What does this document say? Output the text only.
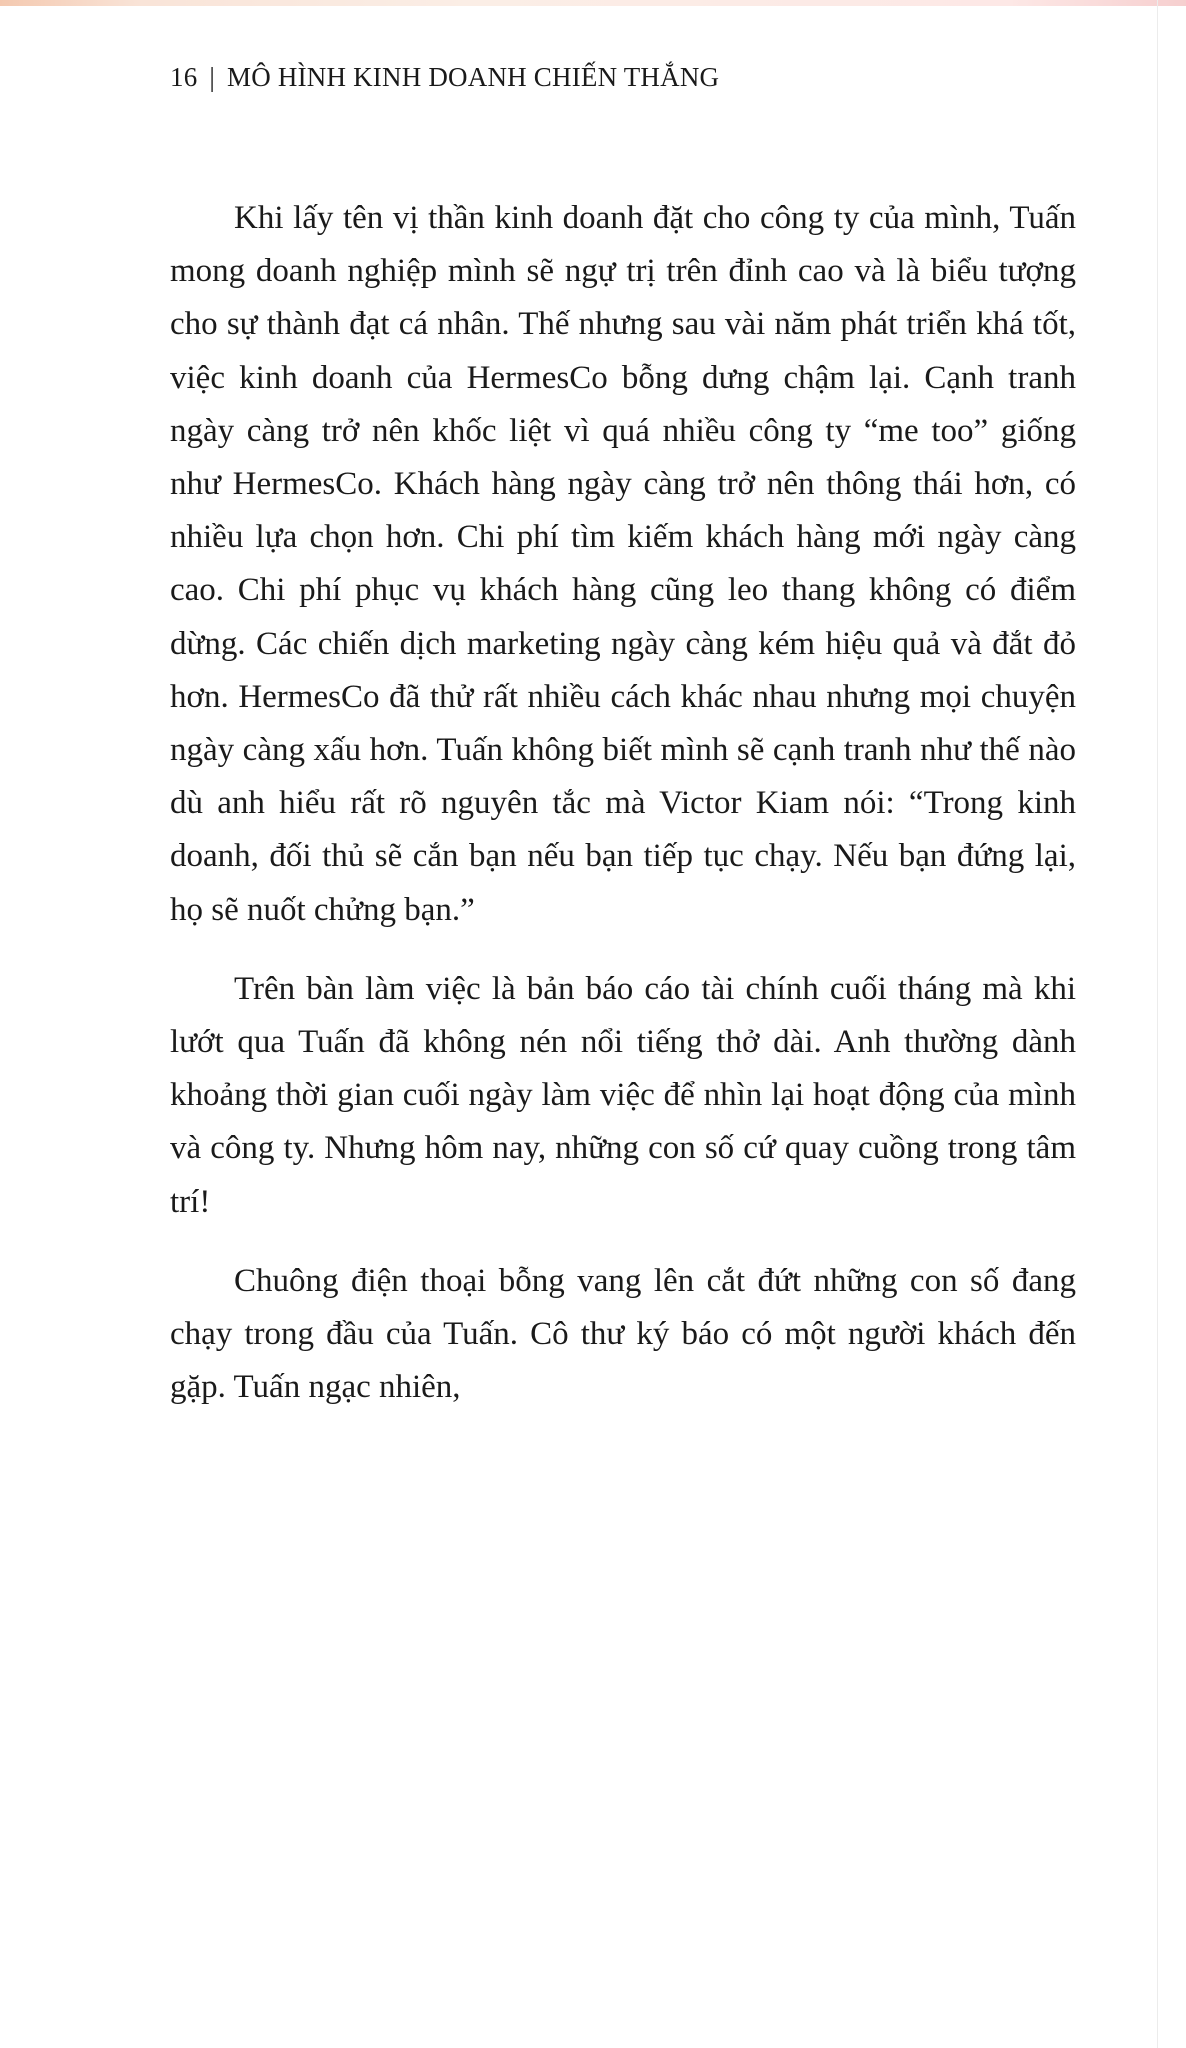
16 | MÔ HÌNH KINH DOANH CHIẾN THẮNG

Khi lấy tên vị thần kinh doanh đặt cho công ty của mình, Tuấn mong doanh nghiệp mình sẽ ngự trị trên đỉnh cao và là biểu tượng cho sự thành đạt cá nhân. Thế nhưng sau vài năm phát triển khá tốt, việc kinh doanh của HermesCo bỗng dưng chậm lại. Cạnh tranh ngày càng trở nên khốc liệt vì quá nhiều công ty “me too” giống như HermesCo. Khách hàng ngày càng trở nên thông thái hơn, có nhiều lựa chọn hơn. Chi phí tìm kiếm khách hàng mới ngày càng cao. Chi phí phục vụ khách hàng cũng leo thang không có điểm dừng. Các chiến dịch marketing ngày càng kém hiệu quả và đắt đỏ hơn. HermesCo đã thử rất nhiều cách khác nhau nhưng mọi chuyện ngày càng xấu hơn. Tuấn không biết mình sẽ cạnh tranh như thế nào dù anh hiểu rất rõ nguyên tắc mà Victor Kiam nói: “Trong kinh doanh, đối thủ sẽ cắn bạn nếu bạn tiếp tục chạy. Nếu bạn đứng lại, họ sẽ nuốt chửng bạn.”

Trên bàn làm việc là bản báo cáo tài chính cuối tháng mà khi lướt qua Tuấn đã không nén nổi tiếng thở dài. Anh thường dành khoảng thời gian cuối ngày làm việc để nhìn lại hoạt động của mình và công ty. Nhưng hôm nay, những con số cứ quay cuồng trong tâm trí!

Chuông điện thoại bỗng vang lên cắt đứt những con số đang chạy trong đầu của Tuấn. Cô thư ký báo có một người khách đến gặp. Tuấn ngạc nhiên,
